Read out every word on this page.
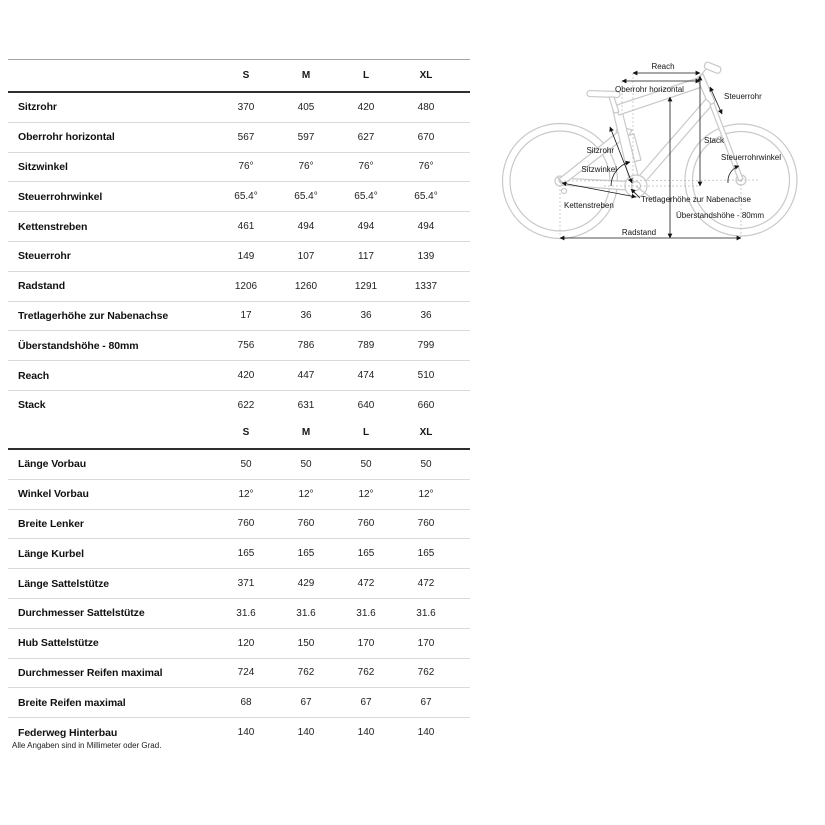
S	M	L	XL
Sitzrohr	370	405	420	480
Oberrohr horizontal	567	597	627	670
Sitzwinkel	76°	76°	76°	76°
Steuerrohrwinkel	65.4°	65.4°	65.4°	65.4°
Kettenstreben	461	494	494	494
Steuerrohr	149	107	117	139
Radstand	1206	1260	1291	1337
Tretlagerhöhe zur Nabenachse	17	36	36	36
Überstandshöhe - 80mm	756	786	789	799
Reach	420	447	474	510
Stack	622	631	640	660
S	M	L	XL
Länge Vorbau	50	50	50	50
Winkel Vorbau	12°	12°	12°	12°
Breite Lenker	760	760	760	760
Länge Kurbel	165	165	165	165
Länge Sattelstütze	371	429	472	472
Durchmesser Sattelstütze	31.6	31.6	31.6	31.6
Hub Sattelstütze	120	150	170	170
Durchmesser Reifen maximal	724	762	762	762
Breite Reifen maximal	68	67	67	67
Federweg Hinterbau	140	140	140	140
Alle Angaben sind in Millimeter oder Grad.
Reach
Oberrohr horizontal
Steuerrohr
Stack
Steuerrohrwinkel
Sitzrohr
Sitzwinkel
Kettenstreben
Tretlagerhöhe zur Nabenachse
Überstandshöhe - 80mm
Radstand
